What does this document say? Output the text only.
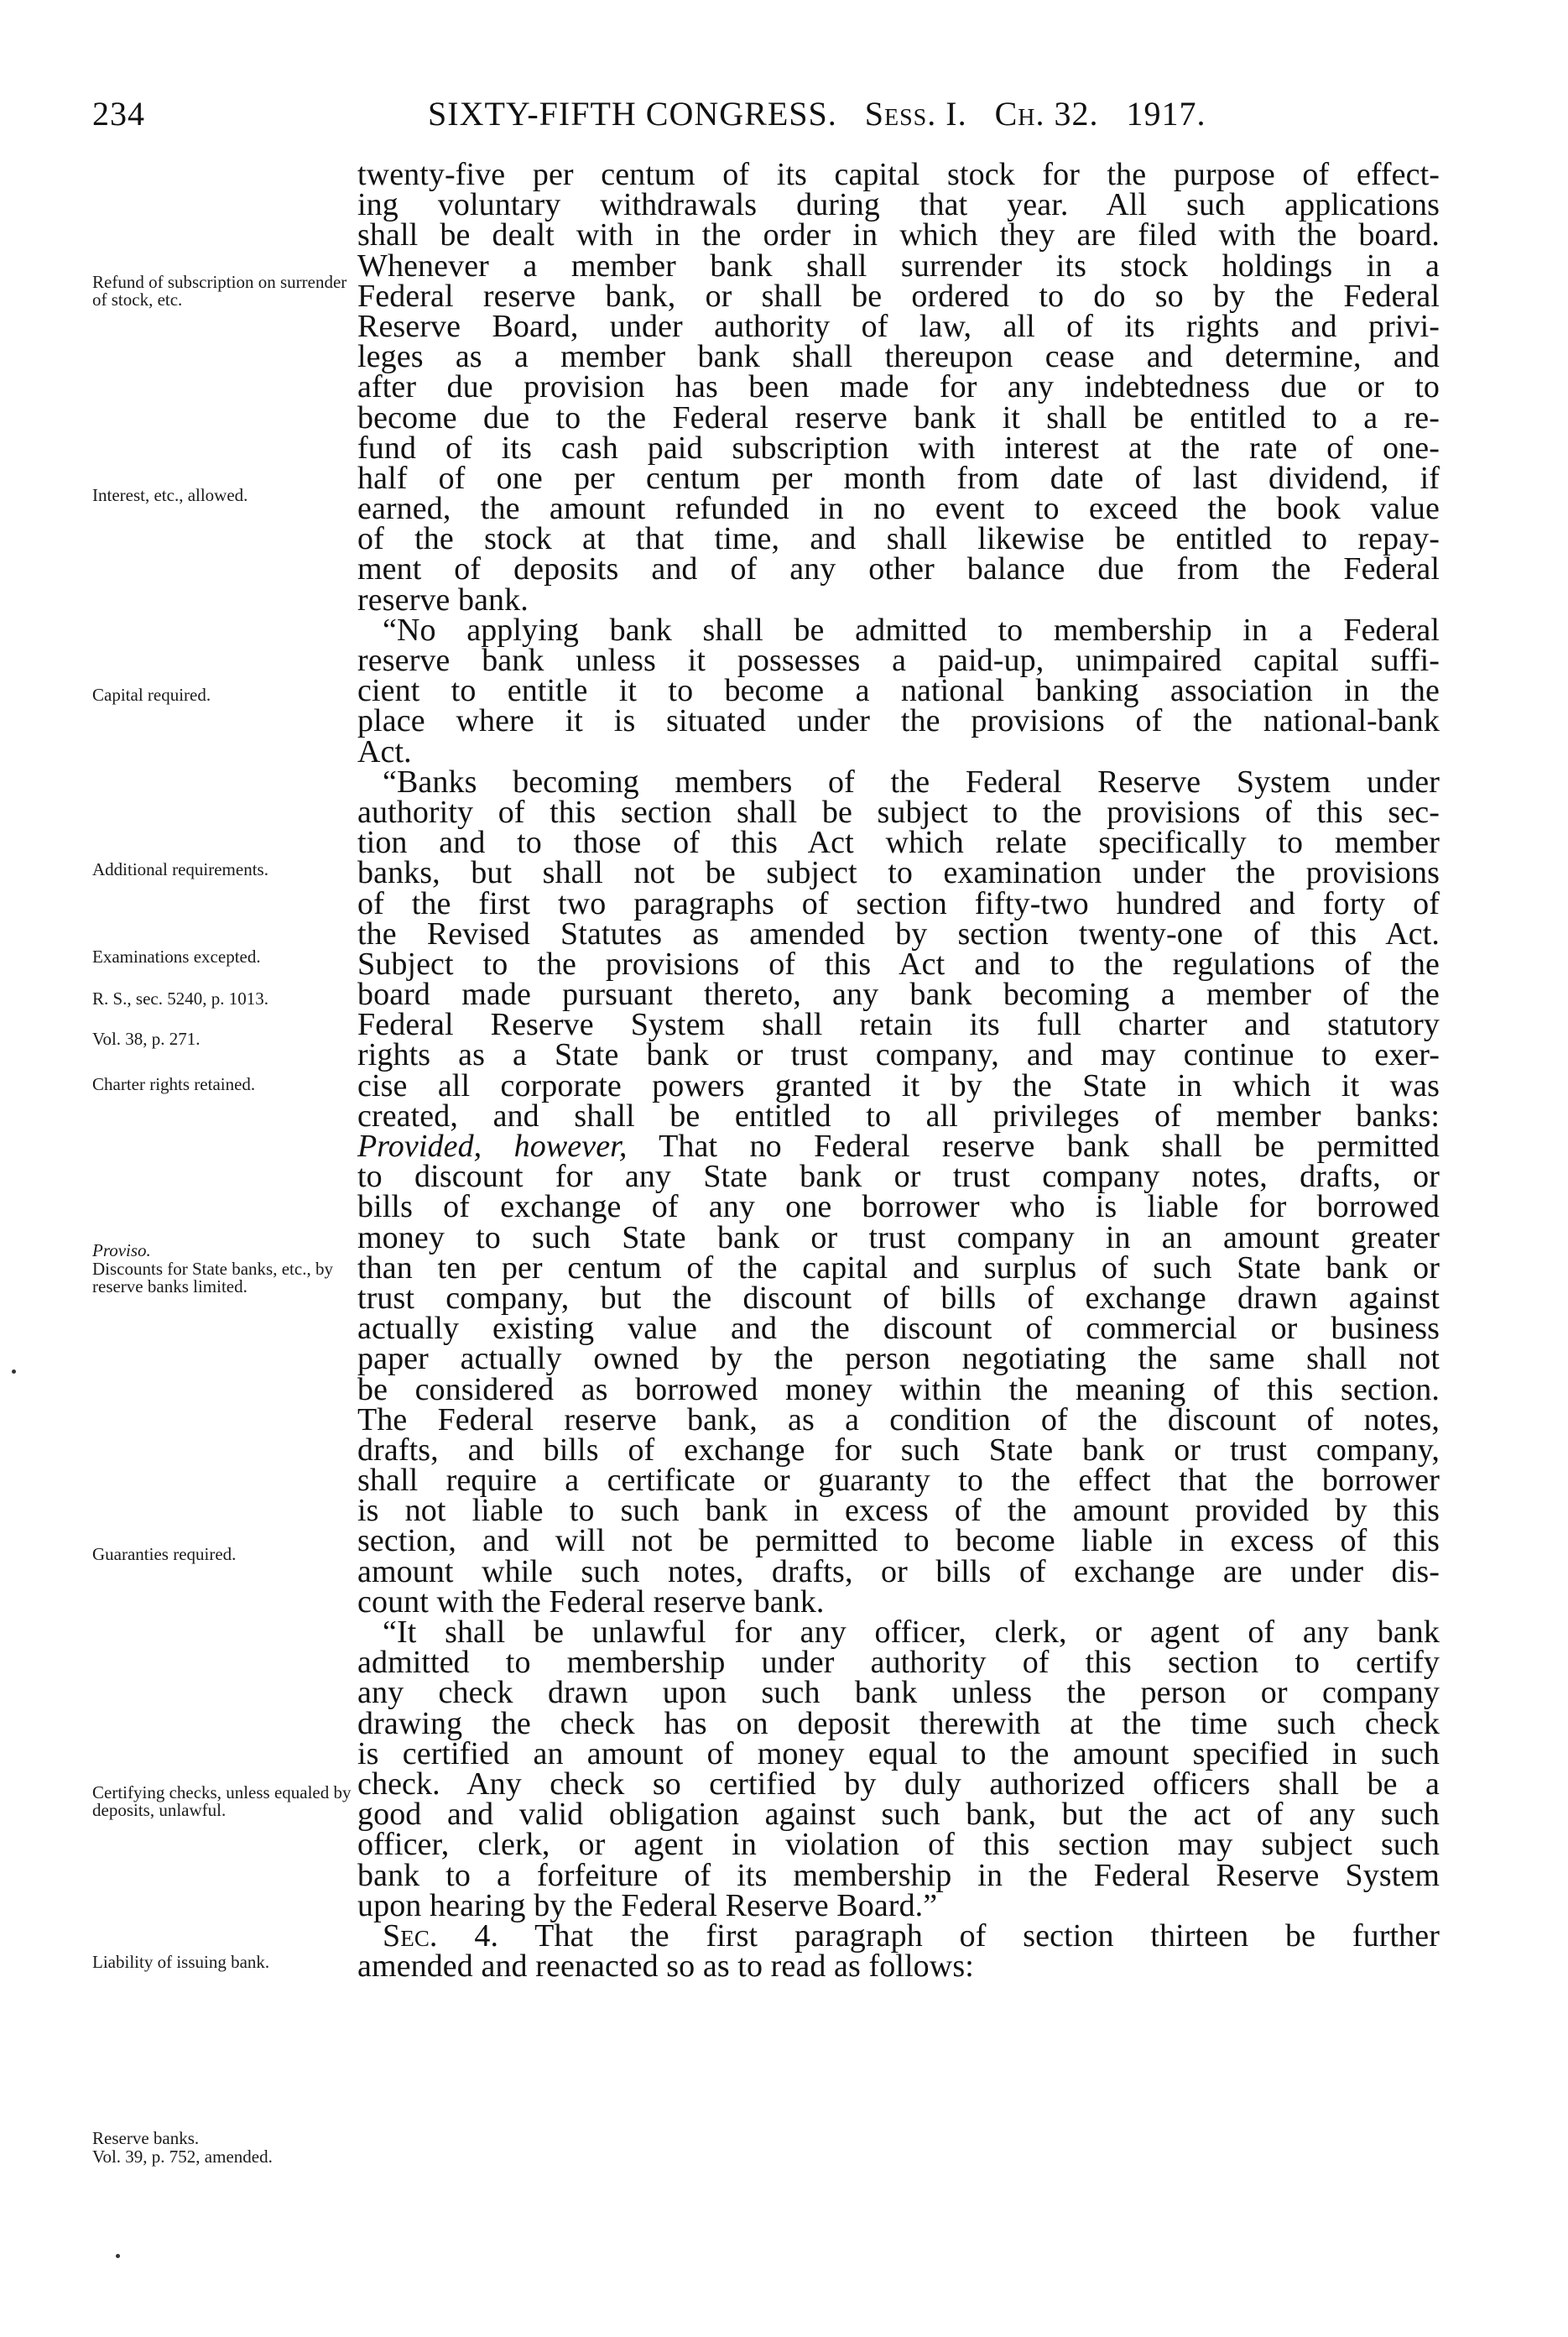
234	SIXTY-FIFTH CONGRESS. Sess. I. Ch. 32. 1917.
Refund of subscription on surrender of stock, etc.
Interest, etc., allowed.
Capital required.
Additional requirements.
Examinations excepted.
R. S., sec. 5240, p. 1013.
Vol. 38, p. 271.
Charter rights retained.
Proviso.
Discounts for State banks, etc., by reserve banks limited.
Guaranties required.
Certifying checks, unless equaled by deposits, unlawful.
Liability of issuing bank.
Reserve banks.
Vol. 39, p. 752, amended.
twenty-five per centum of its capital stock for the purpose of effect-
ing voluntary withdrawals during that year. All such applications
shall be dealt with in the order in which they are filed with the board.
Whenever a member bank shall surrender its stock holdings in a
Federal reserve bank, or shall be ordered to do so by the Federal
Reserve Board, under authority of law, all of its rights and privi-
leges as a member bank shall thereupon cease and determine, and
after due provision has been made for any indebtedness due or to
become due to the Federal reserve bank it shall be entitled to a re-
fund of its cash paid subscription with interest at the rate of one-
half of one per centum per month from date of last dividend, if
earned, the amount refunded in no event to exceed the book value
of the stock at that time, and shall likewise be entitled to repay-
ment of deposits and of any other balance due from the Federal
reserve bank.
“No applying bank shall be admitted to membership in a Federal
reserve bank unless it possesses a paid-up, unimpaired capital suffi-
cient to entitle it to become a national banking association in the
place where it is situated under the provisions of the national-bank
Act.
“Banks becoming members of the Federal Reserve System under
authority of this section shall be subject to the provisions of this sec-
tion and to those of this Act which relate specifically to member
banks, but shall not be subject to examination under the provisions
of the first two paragraphs of section fifty-two hundred and forty of
the Revised Statutes as amended by section twenty-one of this Act.
Subject to the provisions of this Act and to the regulations of the
board made pursuant thereto, any bank becoming a member of the
Federal Reserve System shall retain its full charter and statutory
rights as a State bank or trust company, and may continue to exer-
cise all corporate powers granted it by the State in which it was
created, and shall be entitled to all privileges of member banks:
Provided, however, That no Federal reserve bank shall be permitted
to discount for any State bank or trust company notes, drafts, or
bills of exchange of any one borrower who is liable for borrowed
money to such State bank or trust company in an amount greater
than ten per centum of the capital and surplus of such State bank or
trust company, but the discount of bills of exchange drawn against
actually existing value and the discount of commercial or business
paper actually owned by the person negotiating the same shall not
be considered as borrowed money within the meaning of this section.
The Federal reserve bank, as a condition of the discount of notes,
drafts, and bills of exchange for such State bank or trust company,
shall require a certificate or guaranty to the effect that the borrower
is not liable to such bank in excess of the amount provided by this
section, and will not be permitted to become liable in excess of this
amount while such notes, drafts, or bills of exchange are under dis-
count with the Federal reserve bank.
“It shall be unlawful for any officer, clerk, or agent of any bank
admitted to membership under authority of this section to certify
any check drawn upon such bank unless the person or company
drawing the check has on deposit therewith at the time such check
is certified an amount of money equal to the amount specified in such
check. Any check so certified by duly authorized officers shall be a
good and valid obligation against such bank, but the act of any such
officer, clerk, or agent in violation of this section may subject such
bank to a forfeiture of its membership in the Federal Reserve System
upon hearing by the Federal Reserve Board.”
Sec. 4. That the first paragraph of section thirteen be further
amended and reenacted so as to read as follows:
